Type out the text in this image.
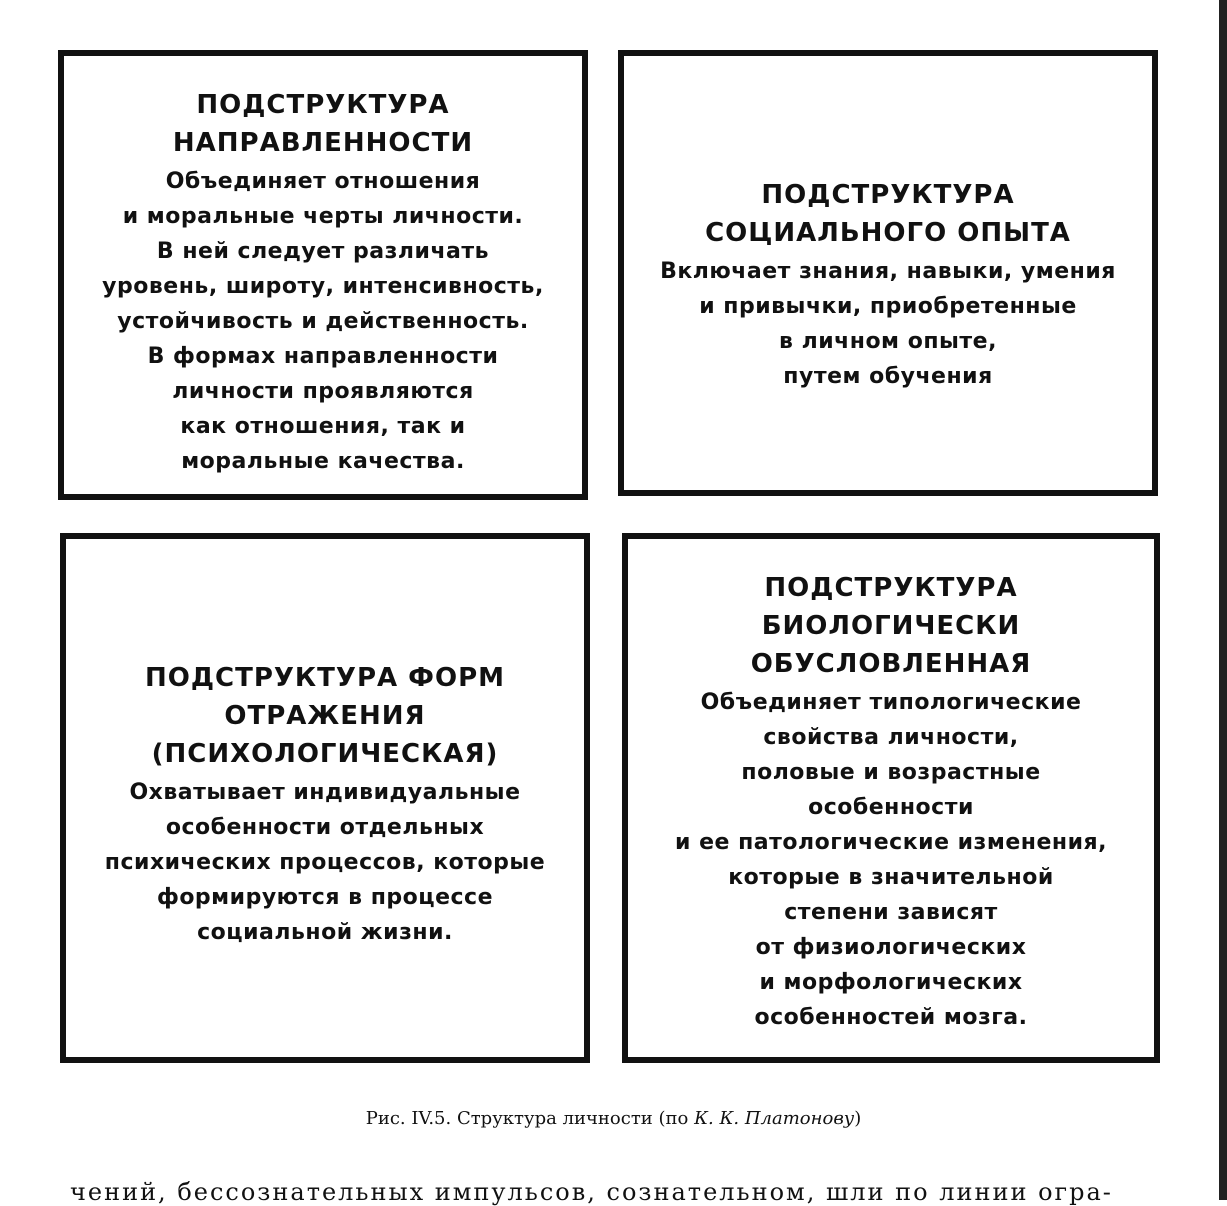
ПОДСТРУКТУРА
НАПРАВЛЕННОСТИ
Объединяет отношения
и моральные черты личности.
В ней следует различать
уровень, широту, интенсивность,
устойчивость и действенность.
В формах направленности
личности проявляются
как отношения, так и
моральные качества.
ПОДСТРУКТУРА
СОЦИАЛЬНОГО ОПЫТА
Включает знания, навыки, умения
и привычки, приобретенные
в личном опыте,
путем обучения
ПОДСТРУКТУРА ФОРМ
ОТРАЖЕНИЯ
(ПСИХОЛОГИЧЕСКАЯ)
Охватывает индивидуальные
особенности отдельных
психических процессов, которые
формируются в процессе
социальной жизни.
ПОДСТРУКТУРА
БИОЛОГИЧЕСКИ
ОБУСЛОВЛЕННАЯ
Объединяет типологические
свойства личности,
половые и возрастные
особенности
и ее патологические изменения,
которые в значительной
степени зависят
от физиологических
и морфологических
особенностей мозга.
Рис. IV.5. Структура личности (по К. К. Платонову)
чений, бессознательных импульсов, сознательном, шли по линии огра-
